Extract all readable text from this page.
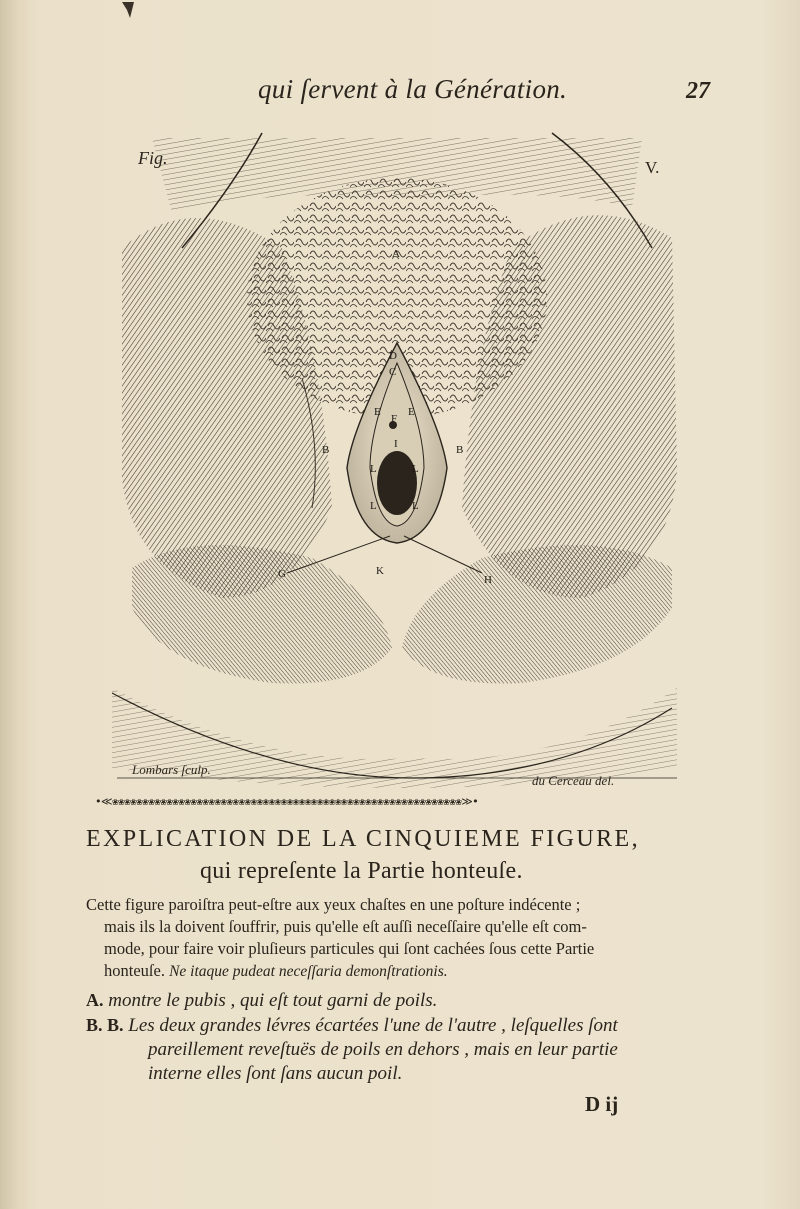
qui ſervent à la Génération.	27
Fig.	V.
A
D
C
E E
F
I
B	B
L	L
L	L
G	K
H
Lombars ſculp.
du Cerceau del.
•≪❀❀❀❀❀❀❀❀❀❀❀❀❀❀❀❀❀❀❀❀❀❀❀❀❀❀❀❀❀❀❀❀❀❀❀❀❀❀❀❀❀❀❀❀❀❀❀❀❀❀❀❀❀❀❀❀❀❀≫•
EXPLICATION DE LA CINQUIEME FIGURE,
qui repreſente la Partie honteuſe.
Cette figure paroiſtra peut-eſtre aux yeux chaſtes en une poſture indécente ;
mais ils la doivent ſouffrir, puis qu'elle eſt auſſi neceſſaire qu'elle eſt com-
mode, pour faire voir pluſieurs particules qui ſont cachées ſous cette Partie
honteuſe. Ne itaque pudeat neceſſaria demonſtrationis.
A. montre le pubis , qui eſt tout garni de poils.
B. B. Les deux grandes lévres écartées l'une de l'autre , leſquelles ſont
pareillement reveſtuës de poils en dehors , mais en leur partie
interne elles ſont ſans aucun poil.
D ij
